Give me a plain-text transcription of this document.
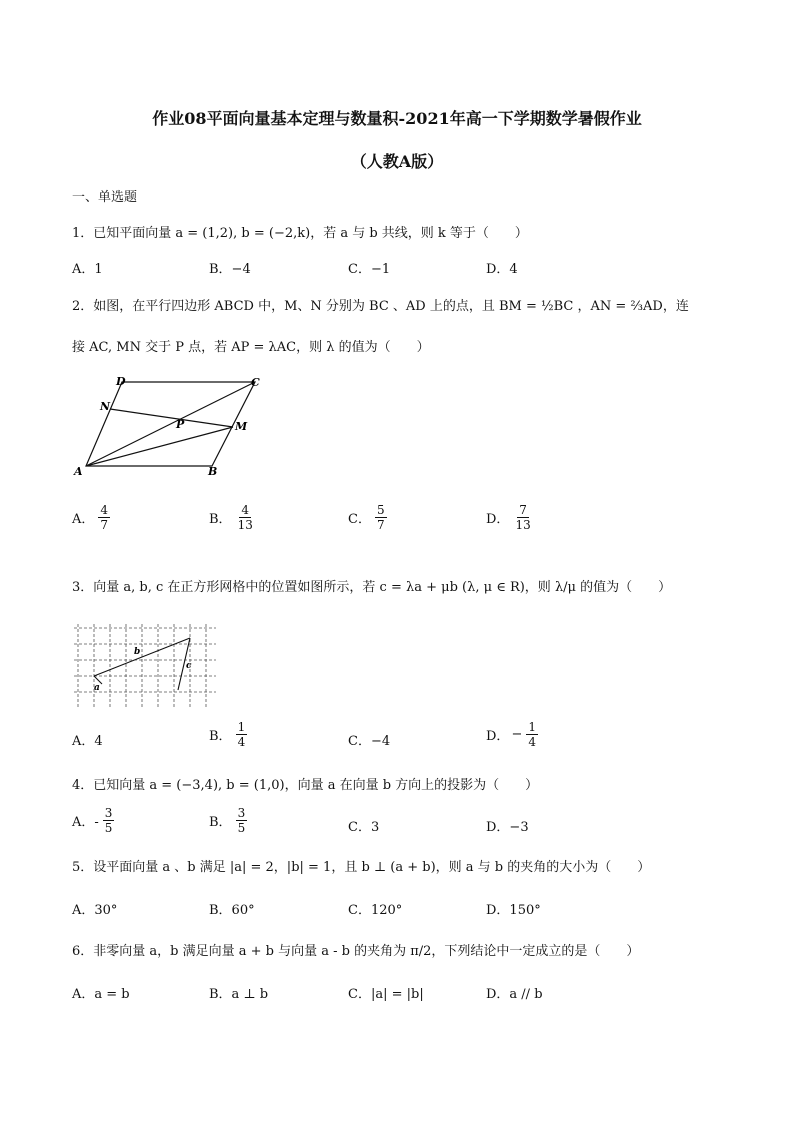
作业08平面向量基本定理与数量积-2021年高一下学期数学暑假作业
（人教A版）
一、单选题
1．已知平面向量 a = (1,2), b = (−2,k)，若 a 与 b 共线，则 k 等于（　　）
A．1	B．−4	C．−1	D．4
2．如图，在平行四边形 ABCD 中，M、N 分别为 BC 、AD 上的点，且 BM = ½BC ，AN = ⅔AD，连
接 AC, MN 交于 P 点，若 AP = λAC，则 λ 的值为（　　）
A	B
C
D
M
N
P
A． $\frac{4}{7}$	B． $\frac{4}{13}$	C． $\frac{5}{7}$	D． $\frac{7}{13}$
3．向量 a, b, c 在正方形网格中的位置如图所示，若 c = λa + μb (λ, μ ∈ R)，则 λ/μ 的值为（　　）
b
a
c
A．4	B． $\frac{1}{4}$	C．−4	D． − $\frac{1}{4}$
4．已知向量 a = (−3,4), b = (1,0)，向量 a 在向量 b 方向上的投影为（　　）
A．- $\frac{3}{5}$	B． $\frac{3}{5}$	C．3	D．−3
5．设平面向量 a 、b 满足 |a| = 2，|b| = 1，且 b ⊥ (a + b)，则 a 与 b 的夹角的大小为（　　）
A．30°	B．60°	C．120°	D．150°
6．非零向量 a，b 满足向量 a + b 与向量 a - b 的夹角为 π/2，下列结论中一定成立的是（　　）
A．a = b	B．a ⊥ b	C．|a| = |b|	D．a // b
